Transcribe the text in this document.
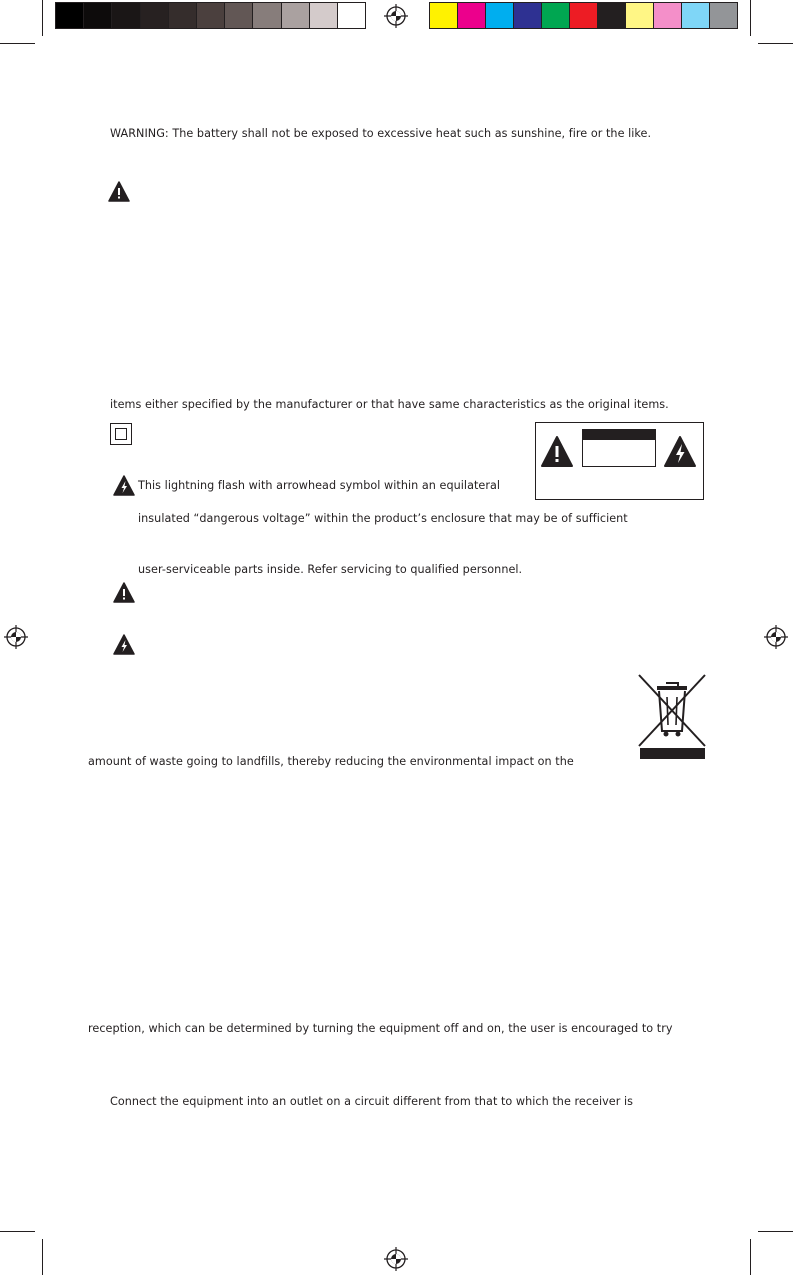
WARNING: The battery shall not be exposed to excessive heat such as sunshine, fire or the like.
items either specified by the manufacturer or that have same characteristics as the original items.
This lightning flash with arrowhead symbol within an equilateral
insulated “dangerous voltage” within the product’s enclosure that may be of sufficient
user-serviceable parts inside. Refer servicing to qualified personnel.
amount of waste going to landfills, thereby reducing the environmental impact on the
reception, which can be determined by turning the equipment off and on, the user is encouraged to try
Connect the equipment into an outlet on a circuit different from that to which the receiver is
